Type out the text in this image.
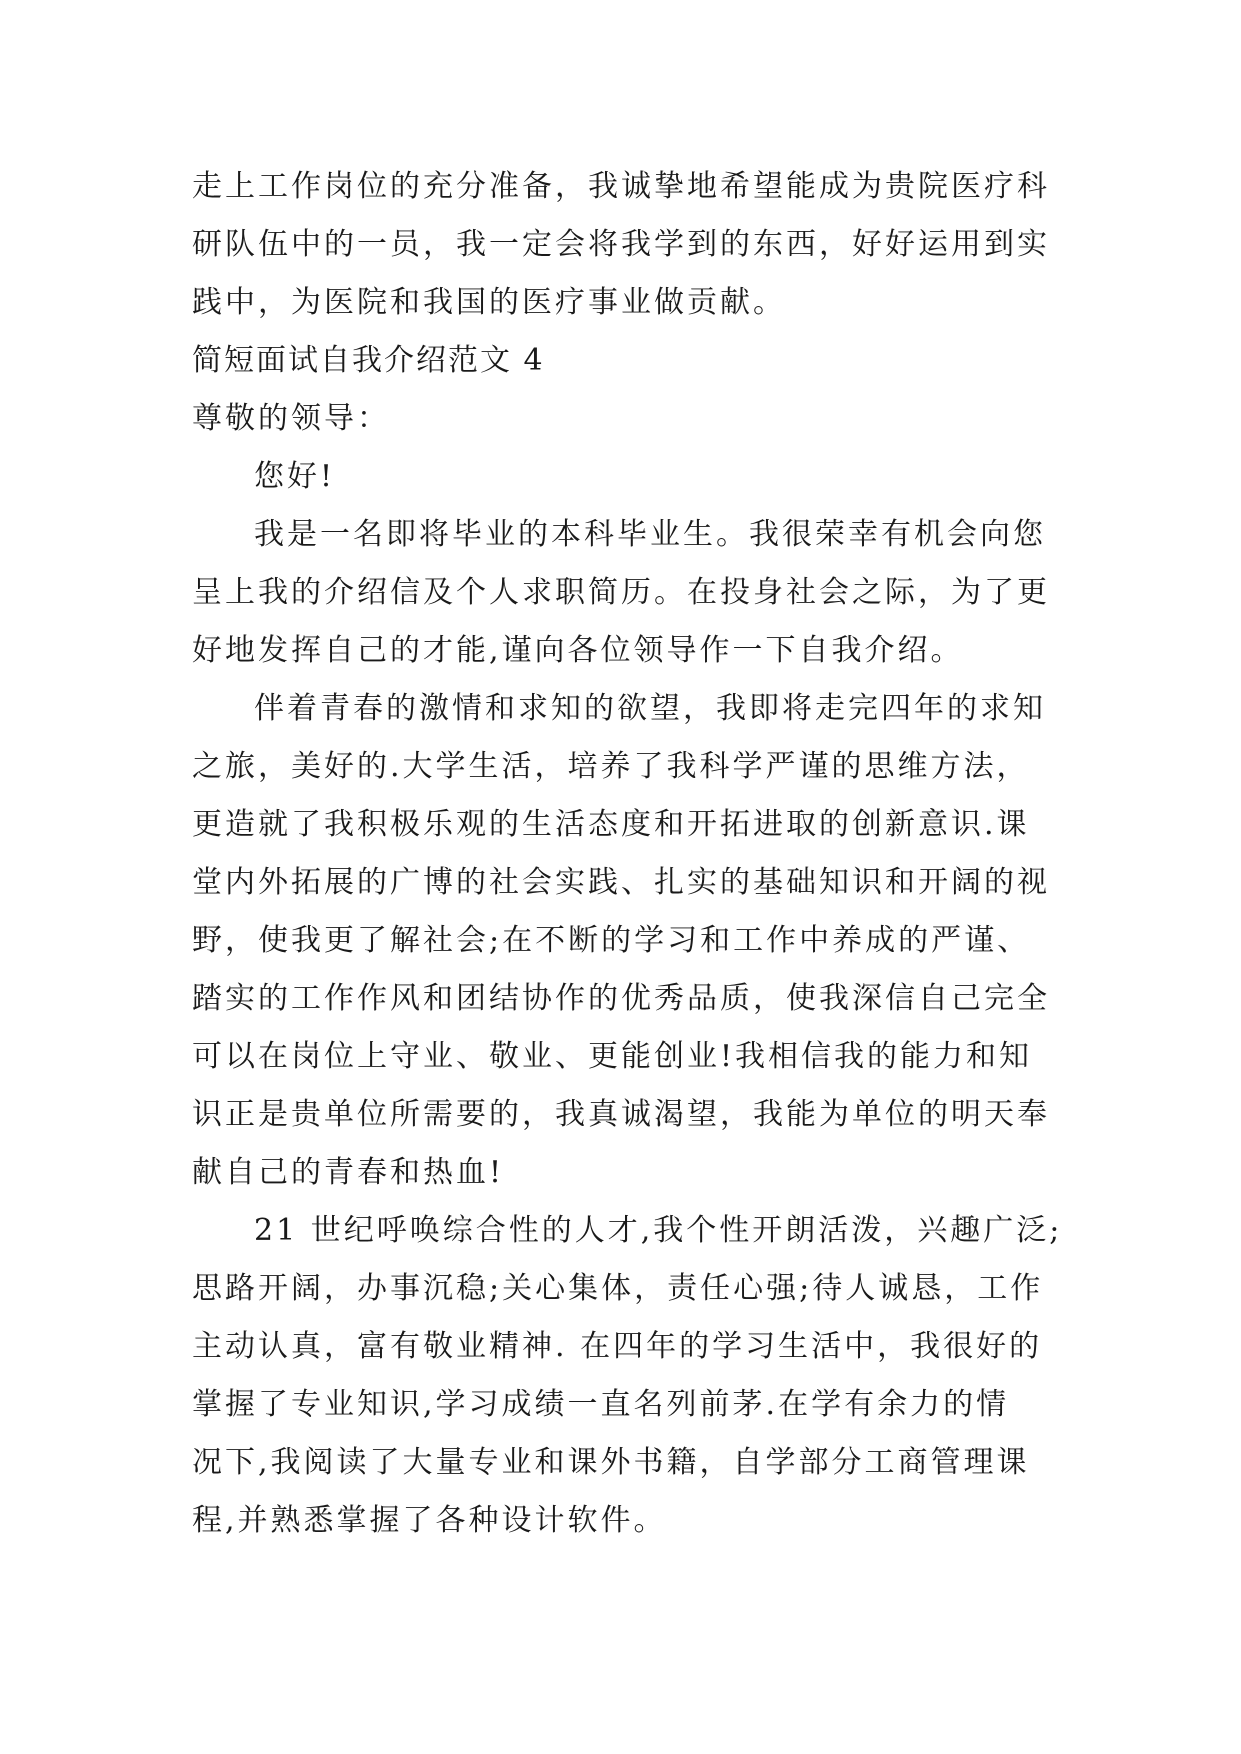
走上工作岗位的充分准备，我诚挚地希望能成为贵院医疗科
研队伍中的一员，我一定会将我学到的东西，好好运用到实
践中，为医院和我国的医疗事业做贡献。
简短面试自我介绍范文 4
尊敬的领导：
您好!
我是一名即将毕业的本科毕业生。我很荣幸有机会向您
呈上我的介绍信及个人求职简历。在投身社会之际，为了更
好地发挥自己的才能,谨向各位领导作一下自我介绍。
伴着青春的激情和求知的欲望，我即将走完四年的求知
之旅，美好的.大学生活，培养了我科学严谨的思维方法，
更造就了我积极乐观的生活态度和开拓进取的创新意识.课
堂内外拓展的广博的社会实践、扎实的基础知识和开阔的视
野，使我更了解社会;在不断的学习和工作中养成的严谨、
踏实的工作作风和团结协作的优秀品质，使我深信自己完全
可以在岗位上守业、敬业、更能创业!我相信我的能力和知
识正是贵单位所需要的，我真诚渴望，我能为单位的明天奉
献自己的青春和热血!
21 世纪呼唤综合性的人才,我个性开朗活泼，兴趣广泛;
思路开阔，办事沉稳;关心集体，责任心强;待人诚恳，工作
主动认真，富有敬业精神. 在四年的学习生活中，我很好的
掌握了专业知识,学习成绩一直名列前茅.在学有余力的情
况下,我阅读了大量专业和课外书籍，自学部分工商管理课
程,并熟悉掌握了各种设计软件。
